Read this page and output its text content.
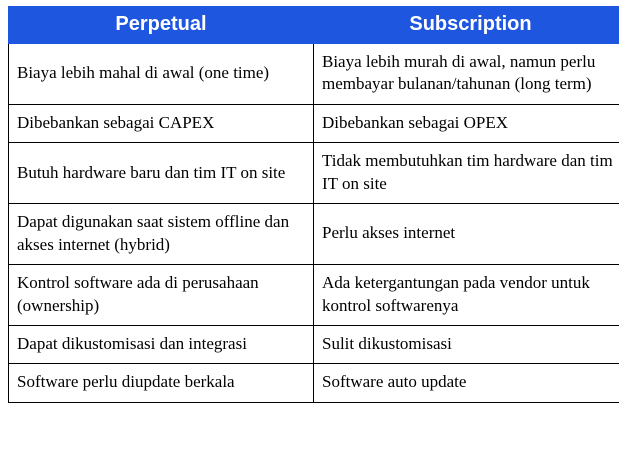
Perpetual	Subscription
Biaya lebih mahal di awal (one time)	Biaya lebih murah di awal, namun perlu membayar bulanan/tahunan (long term)
Dibebankan sebagai CAPEX	Dibebankan sebagai OPEX
Butuh hardware baru dan tim IT on site	Tidak membutuhkan tim hardware dan tim IT on site
Dapat digunakan saat sistem offline dan akses internet (hybrid)	Perlu akses internet
Kontrol software ada di perusahaan (ownership)	Ada ketergantungan pada vendor untuk kontrol softwarenya
Dapat dikustomisasi dan integrasi	Sulit dikustomisasi
Software perlu diupdate berkala	Software auto update
